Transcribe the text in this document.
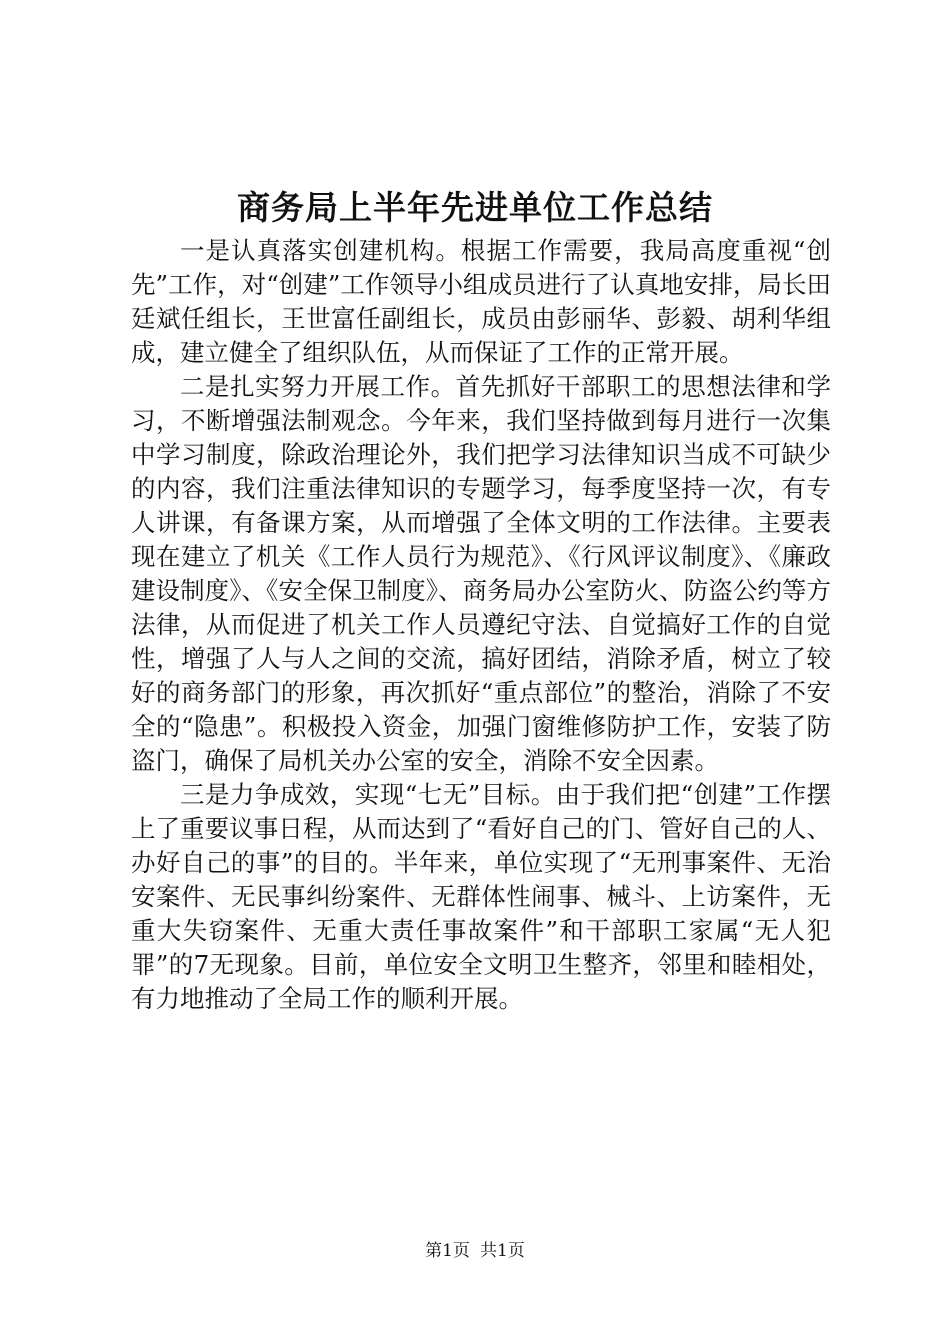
商务局上半年先进单位工作总结

一是认真落实创建机构。根据工作需要，我局高度重视“创先”工作，对“创建”工作领导小组成员进行了认真地安排，局长田廷斌任组长，王世富任副组长，成员由彭丽华、彭毅、胡利华组成，建立健全了组织队伍，从而保证了工作的正常开展。

二是扎实努力开展工作。首先抓好干部职工的思想法律和学习，不断增强法制观念。今年来，我们坚持做到每月进行一次集中学习制度，除政治理论外，我们把学习法律知识当成不可缺少的内容，我们注重法律知识的专题学习，每季度坚持一次，有专人讲课，有备课方案，从而增强了全体文明的工作法律。主要表现在建立了机关《工作人员行为规范》、《行风评议制度》、《廉政建设制度》、《安全保卫制度》、商务局办公室防火、防盗公约等方法律，从而促进了机关工作人员遵纪守法、自觉搞好工作的自觉性，增强了人与人之间的交流，搞好团结，消除矛盾，树立了较好的商务部门的形象，再次抓好“重点部位”的整治，消除了不安全的“隐患”。积极投入资金，加强门窗维修防护工作，安装了防盗门，确保了局机关办公室的安全，消除不安全因素。

三是力争成效，实现“七无”目标。由于我们把“创建”工作摆上了重要议事日程，从而达到了“看好自己的门、管好自己的人、办好自己的事”的目的。半年来，单位实现了“无刑事案件、无治安案件、无民事纠纷案件、无群体性闹事、械斗、上访案件，无重大失窃案件、无重大责任事故案件”和干部职工家属“无人犯罪”的7无现象。目前，单位安全文明卫生整齐，邻里和睦相处，有力地推动了全局工作的顺利开展。

第1页 共1页
